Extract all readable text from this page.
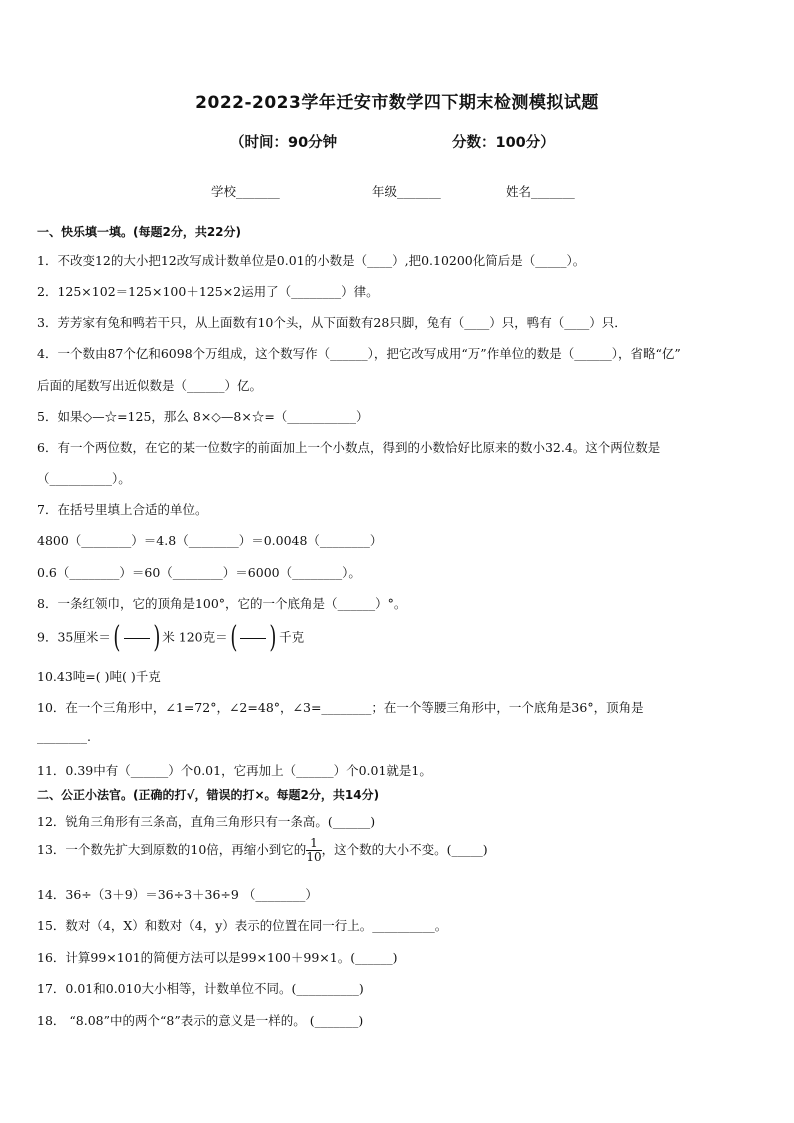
2022-2023学年迁安市数学四下期末检测模拟试题
（时间：90分钟	分数：100分）
学校_______	年级_______	姓名_______
一、快乐填一填。(每题2分，共22分)
1．不改变12的大小把12改写成计数单位是0.01的小数是（____）,把0.10200化简后是（_____）。
2．125×102＝125×100＋125×2运用了（________）律。
3．芳芳家有兔和鸭若干只，从上面数有10个头，从下面数有28只脚，兔有（____）只，鸭有（____）只．
4．一个数由87个亿和6098个万组成，这个数写作（______），把它改写成用“万”作单位的数是（______），省略“亿”
后面的尾数写出近似数是（______）亿。
5．如果◇—☆=125，那么 8×◇—8×☆=（___________）
6．有一个两位数，在它的某一位数字的前面加上一个小数点，得到的小数恰好比原来的数小32.4。这个两位数是
（__________）。
7．在括号里填上合适的单位。
4800（________）＝4.8（________）＝0.0048（________）
0.6（________）＝60（________）＝6000（________）。
8．一条红领巾，它的顶角是100°，它的一个底角是（______）°。
9．35厘米＝( ) 米 120克＝( ) 千克
10.43吨=( )吨( )千克
10．在一个三角形中，∠1=72°，∠2=48°，∠3=________；在一个等腰三角形中，一个底角是36°，顶角是
________.
11．0.39中有（______）个0.01，它再加上（______）个0.01就是1。
二、公正小法官。(正确的打√，错误的打×。每题2分，共14分)
12．锐角三角形有三条高，直角三角形只有一条高。(______)
13．一个数先扩大到原数的10倍，再缩小到它的 $\frac{1}{10}$ ，这个数的大小不变。(_____)
14．36÷（3＋9）＝36÷3＋36÷9 （________）
15．数对（4，X）和数对（4，y）表示的位置在同一行上。__________。
16．计算99×101的简便方法可以是99×100＋99×1。(______)
17．0.01和0.010大小相等，计数单位不同。(__________)
18． “8.08”中的两个“8”表示的意义是一样的。 (_______)
